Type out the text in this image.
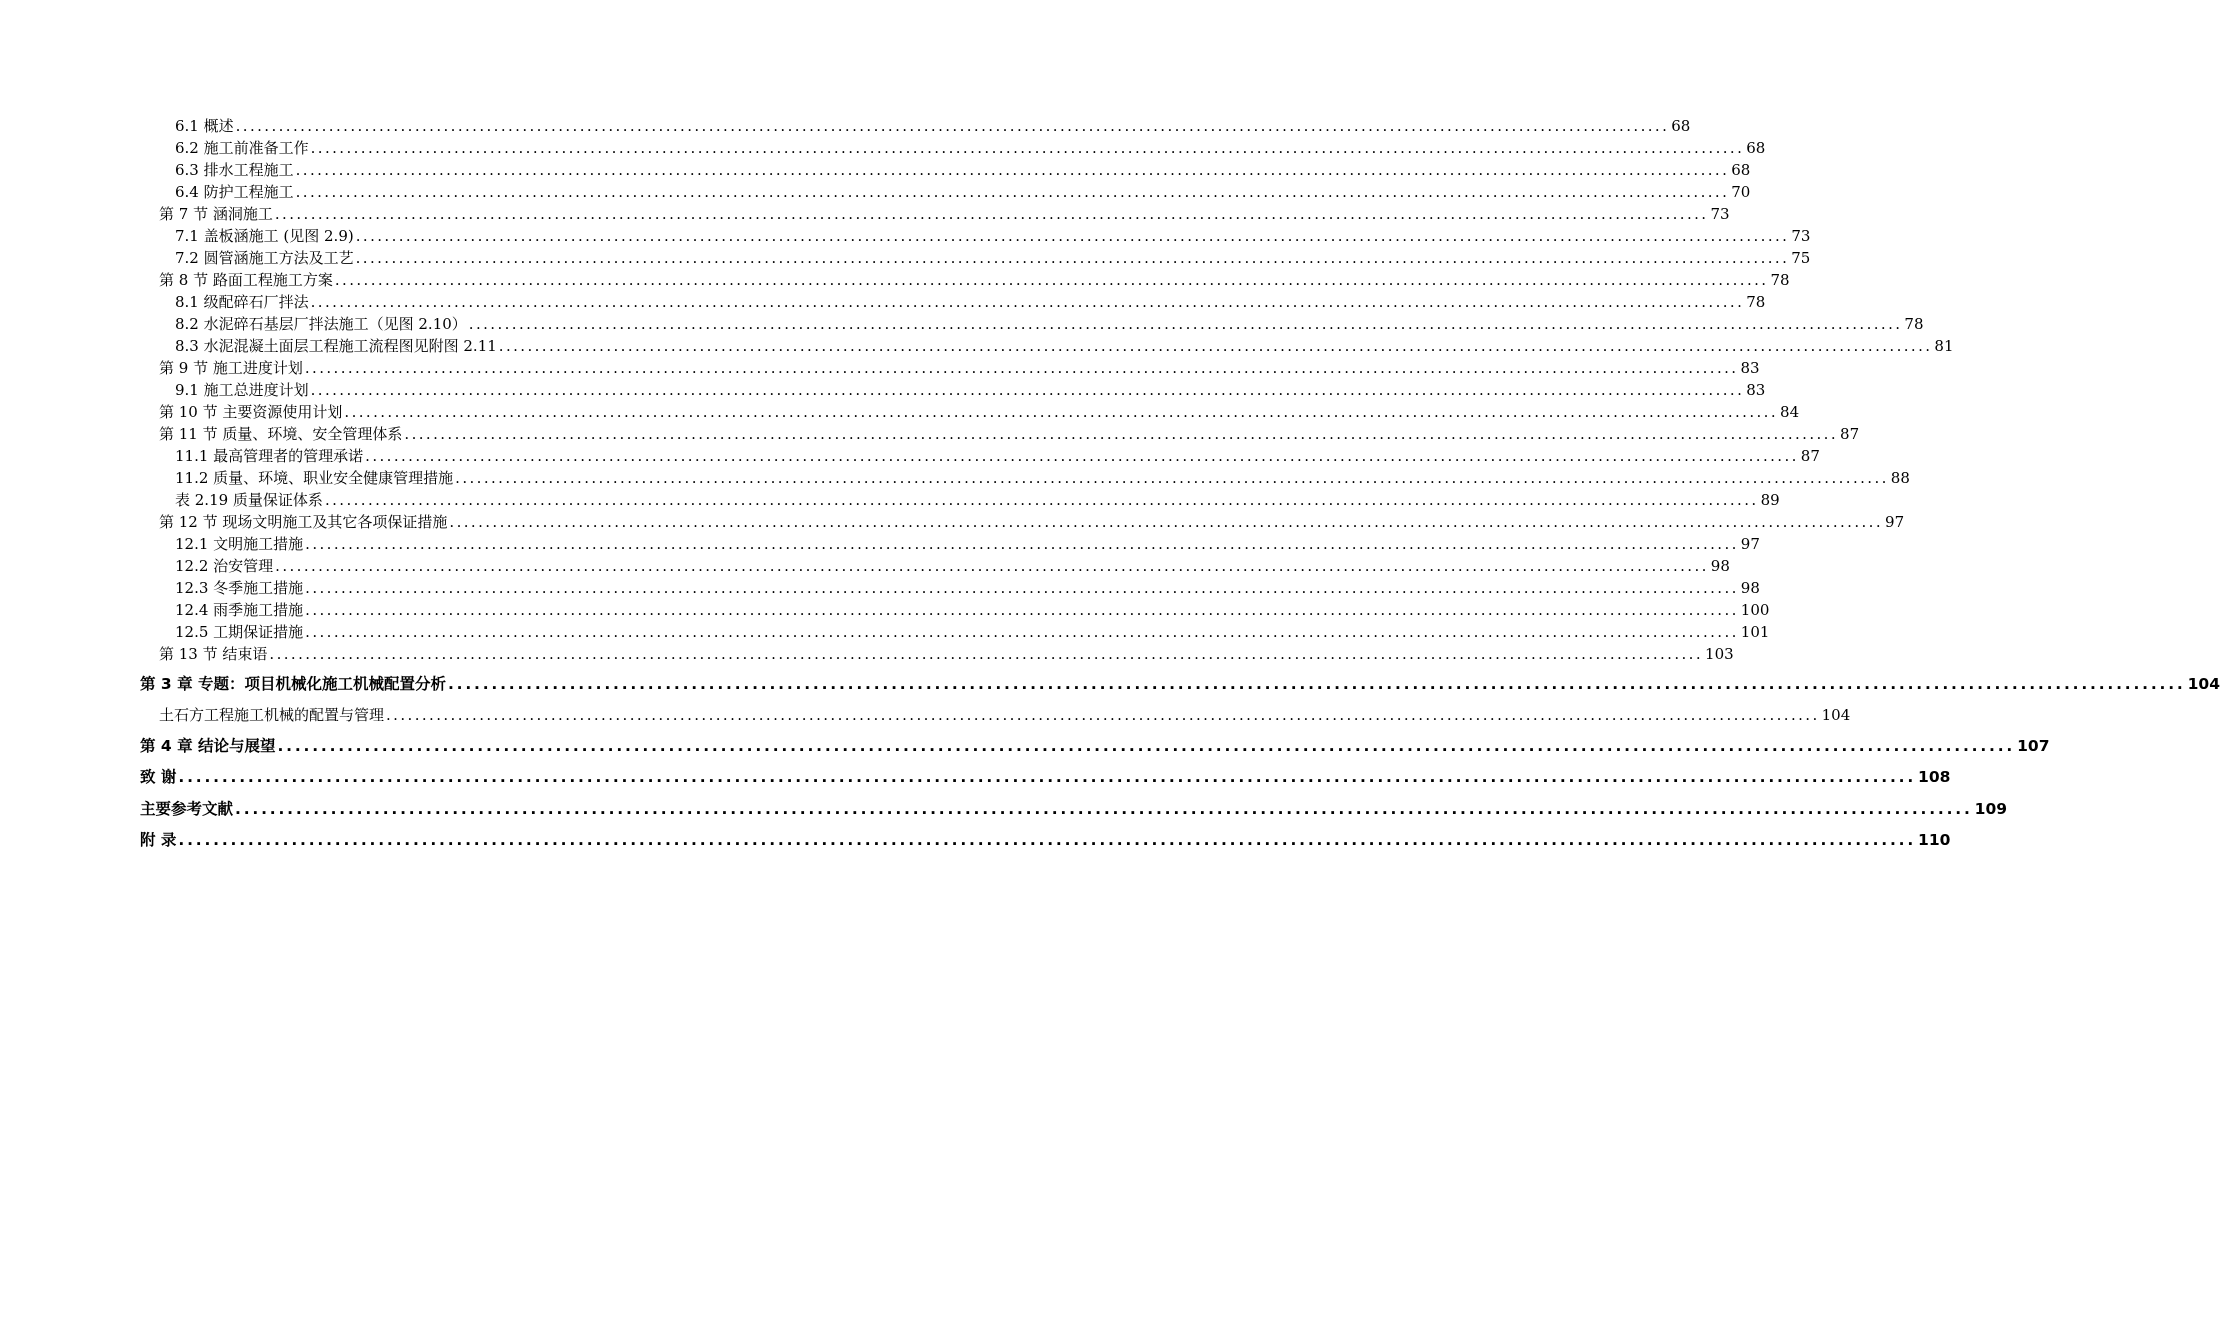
6.1 概述 ........................................................................................................................................................................................................ 68
6.2 施工前准备工作 ........................................................................................................................................................................................................ 68
6.3 排水工程施工 ........................................................................................................................................................................................................ 68
6.4 防护工程施工 ........................................................................................................................................................................................................ 70
第 7 节 涵洞施工 ........................................................................................................................................................................................................ 73
7.1 盖板涵施工 (见图 2.9) ........................................................................................................................................................................................................ 73
7.2 圆管涵施工方法及工艺 ........................................................................................................................................................................................................ 75
第 8 节 路面工程施工方案 ........................................................................................................................................................................................................ 78
8.1 级配碎石厂拌法 ........................................................................................................................................................................................................ 78
8.2 水泥碎石基层厂拌法施工（见图 2.10） ........................................................................................................................................................................................................ 78
8.3 水泥混凝土面层工程施工流程图见附图 2.11 ........................................................................................................................................................................................................ 81
第 9 节 施工进度计划 ........................................................................................................................................................................................................ 83
9.1 施工总进度计划 ........................................................................................................................................................................................................ 83
第 10 节 主要资源使用计划 ........................................................................................................................................................................................................ 84
第 11 节 质量、环境、安全管理体系 ........................................................................................................................................................................................................ 87
11.1 最高管理者的管理承诺 ........................................................................................................................................................................................................ 87
11.2 质量、环境、职业安全健康管理措施 ........................................................................................................................................................................................................ 88
表 2.19 质量保证体系 ........................................................................................................................................................................................................ 89
第 12 节 现场文明施工及其它各项保证措施 ........................................................................................................................................................................................................ 97
12.1 文明施工措施 ........................................................................................................................................................................................................ 97
12.2 治安管理 ........................................................................................................................................................................................................ 98
12.3 冬季施工措施 ........................................................................................................................................................................................................ 98
12.4 雨季施工措施 ........................................................................................................................................................................................................ 100
12.5 工期保证措施 ........................................................................................................................................................................................................ 101
第 13 节 结束语 ........................................................................................................................................................................................................ 103
第 3 章 专题：项目机械化施工机械配置分析 ........................................................................................................................................................................................................ 104
土石方工程施工机械的配置与管理 ........................................................................................................................................................................................................ 104
第 4 章 结论与展望 ........................................................................................................................................................................................................ 107
致 谢 ........................................................................................................................................................................................................ 108
主要参考文献 ........................................................................................................................................................................................................ 109
附 录 ........................................................................................................................................................................................................ 110
